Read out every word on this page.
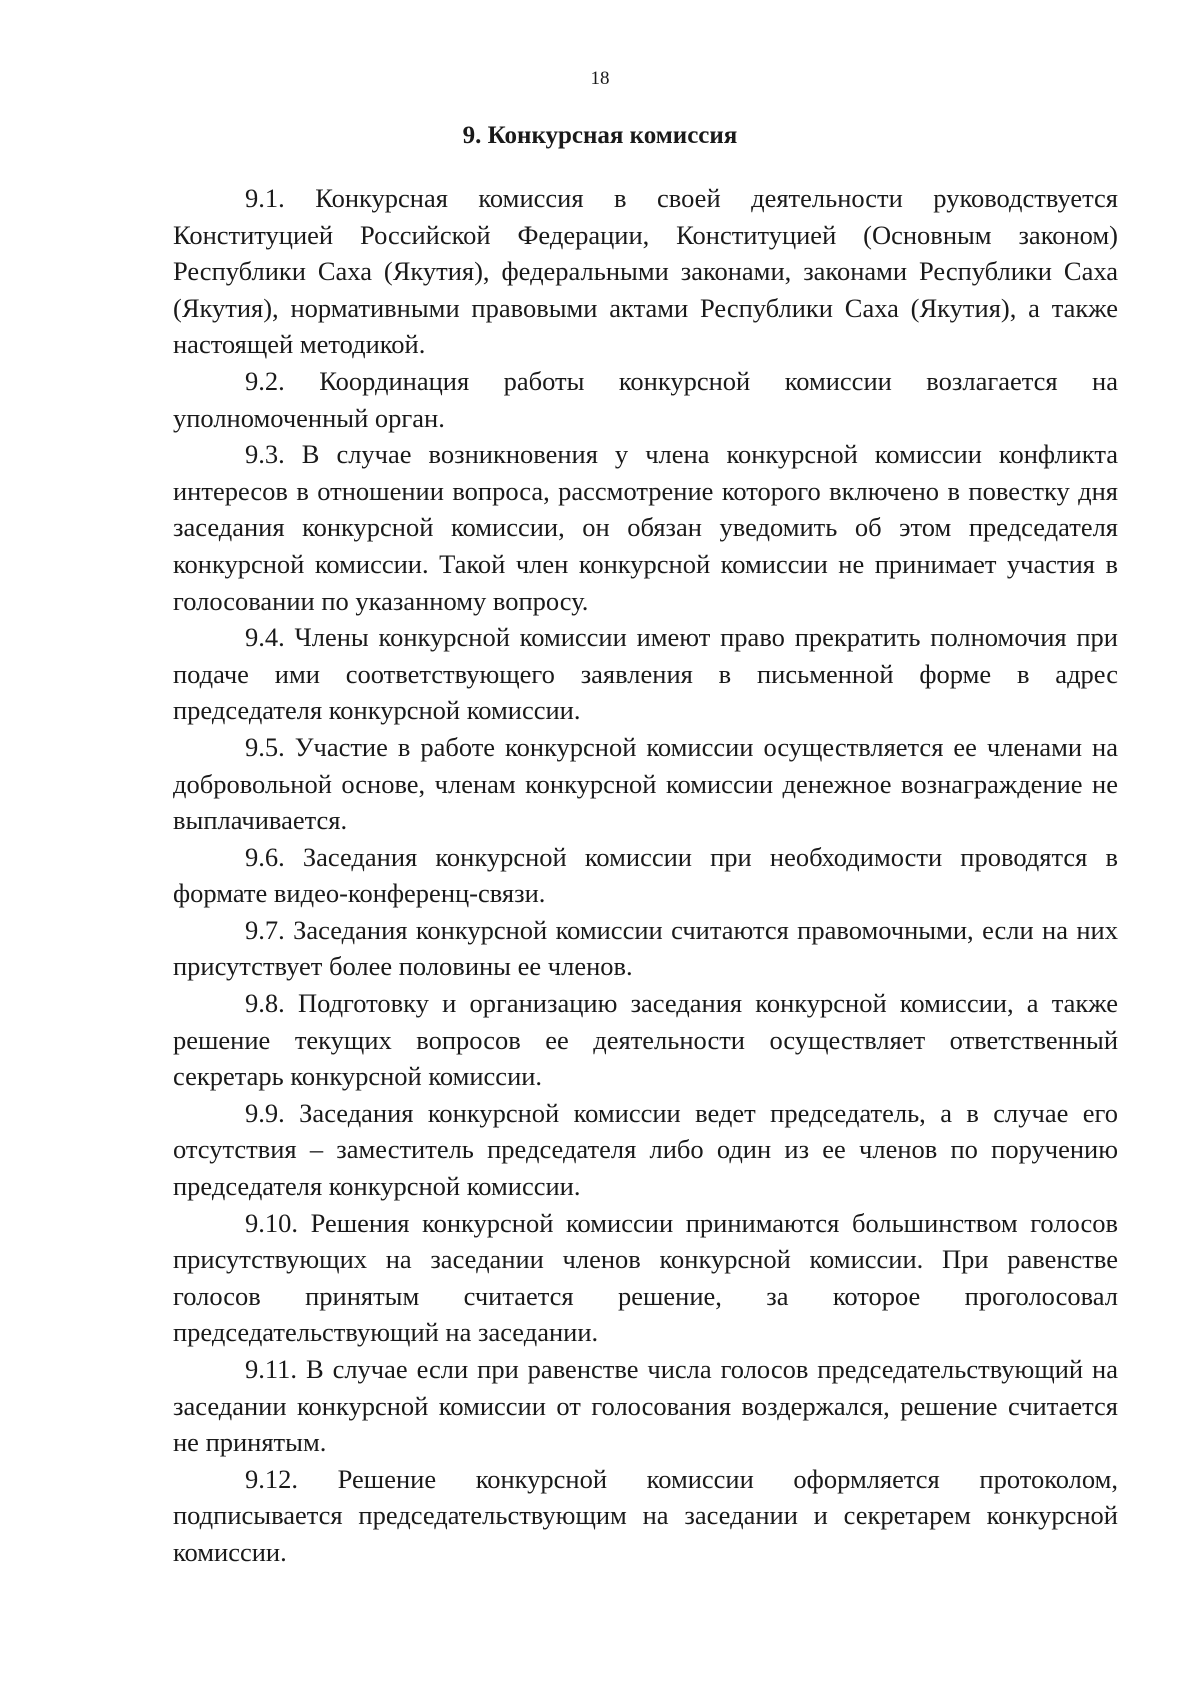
18
9. Конкурсная комиссия

9.1. Конкурсная комиссия в своей деятельности руководствуется Конституцией Российской Федерации, Конституцией (Основным законом) Республики Саха (Якутия), федеральными законами, законами Республики Саха (Якутия), нормативными правовыми актами Республики Саха (Якутия), а также настоящей методикой.

9.2. Координация работы конкурсной комиссии возлагается на уполномоченный орган.

9.3. В случае возникновения у члена конкурсной комиссии конфликта интересов в отношении вопроса, рассмотрение которого включено в повестку дня заседания конкурсной комиссии, он обязан уведомить об этом председателя конкурсной комиссии. Такой член конкурсной комиссии не принимает участия в голосовании по указанному вопросу.

9.4. Члены конкурсной комиссии имеют право прекратить полномочия при подаче ими соответствующего заявления в письменной форме в адрес председателя конкурсной комиссии.

9.5. Участие в работе конкурсной комиссии осуществляется ее членами на добровольной основе, членам конкурсной комиссии денежное вознаграждение не выплачивается.

9.6. Заседания конкурсной комиссии при необходимости проводятся в формате видео-конференц-связи.

9.7. Заседания конкурсной комиссии считаются правомочными, если на них присутствует более половины ее членов.

9.8. Подготовку и организацию заседания конкурсной комиссии, а также решение текущих вопросов ее деятельности осуществляет ответственный секретарь конкурсной комиссии.

9.9. Заседания конкурсной комиссии ведет председатель, а в случае его отсутствия – заместитель председателя либо один из ее членов по поручению председателя конкурсной комиссии.

9.10. Решения конкурсной комиссии принимаются большинством голосов присутствующих на заседании членов конкурсной комиссии. При равенстве голосов принятым считается решение, за которое проголосовал председательствующий на заседании.

9.11. В случае если при равенстве числа голосов председательствующий на заседании конкурсной комиссии от голосования воздержался, решение считается не принятым.

9.12. Решение конкурсной комиссии оформляется протоколом, подписывается председательствующим на заседании и секретарем конкурсной комиссии.
